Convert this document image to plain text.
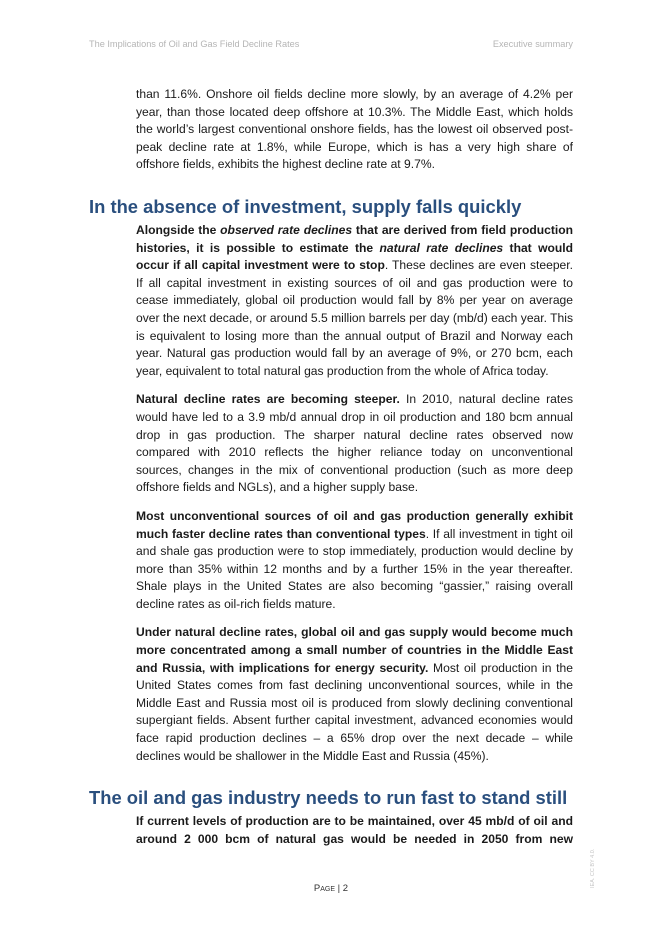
The Implications of Oil and Gas Field Decline Rates	Executive summary

than 11.6%. Onshore oil fields decline more slowly, by an average of 4.2% per year, than those located deep offshore at 10.3%. The Middle East, which holds the world’s largest conventional onshore fields, has the lowest oil observed post-peak decline rate at 1.8%, while Europe, which is has a very high share of offshore fields, exhibits the highest decline rate at 9.7%.

In the absence of investment, supply falls quickly

Alongside the observed rate declines that are derived from field production histories, it is possible to estimate the natural rate declines that would occur if all capital investment were to stop. These declines are even steeper. If all capital investment in existing sources of oil and gas production were to cease immediately, global oil production would fall by 8% per year on average over the next decade, or around 5.5 million barrels per day (mb/d) each year. This is equivalent to losing more than the annual output of Brazil and Norway each year. Natural gas production would fall by an average of 9%, or 270 bcm, each year, equivalent to total natural gas production from the whole of Africa today.

Natural decline rates are becoming steeper. In 2010, natural decline rates would have led to a 3.9 mb/d annual drop in oil production and 180 bcm annual drop in gas production. The sharper natural decline rates observed now compared with 2010 reflects the higher reliance today on unconventional sources, changes in the mix of conventional production (such as more deep offshore fields and NGLs), and a higher supply base.

Most unconventional sources of oil and gas production generally exhibit much faster decline rates than conventional types. If all investment in tight oil and shale gas production were to stop immediately, production would decline by more than 35% within 12 months and by a further 15% in the year thereafter. Shale plays in the United States are also becoming “gassier,” raising overall decline rates as oil-rich fields mature.

Under natural decline rates, global oil and gas supply would become much more concentrated among a small number of countries in the Middle East and Russia, with implications for energy security. Most oil production in the United States comes from fast declining unconventional sources, while in the Middle East and Russia most oil is produced from slowly declining conventional supergiant fields. Absent further capital investment, advanced economies would face rapid production declines – a 65% drop over the next decade – while declines would be shallower in the Middle East and Russia (45%).

The oil and gas industry needs to run fast to stand still

If current levels of production are to be maintained, over 45 mb/d of oil and around 2 000 bcm of natural gas would be needed in 2050 from new

Page | 2
IEA. CC BY 4.0.
